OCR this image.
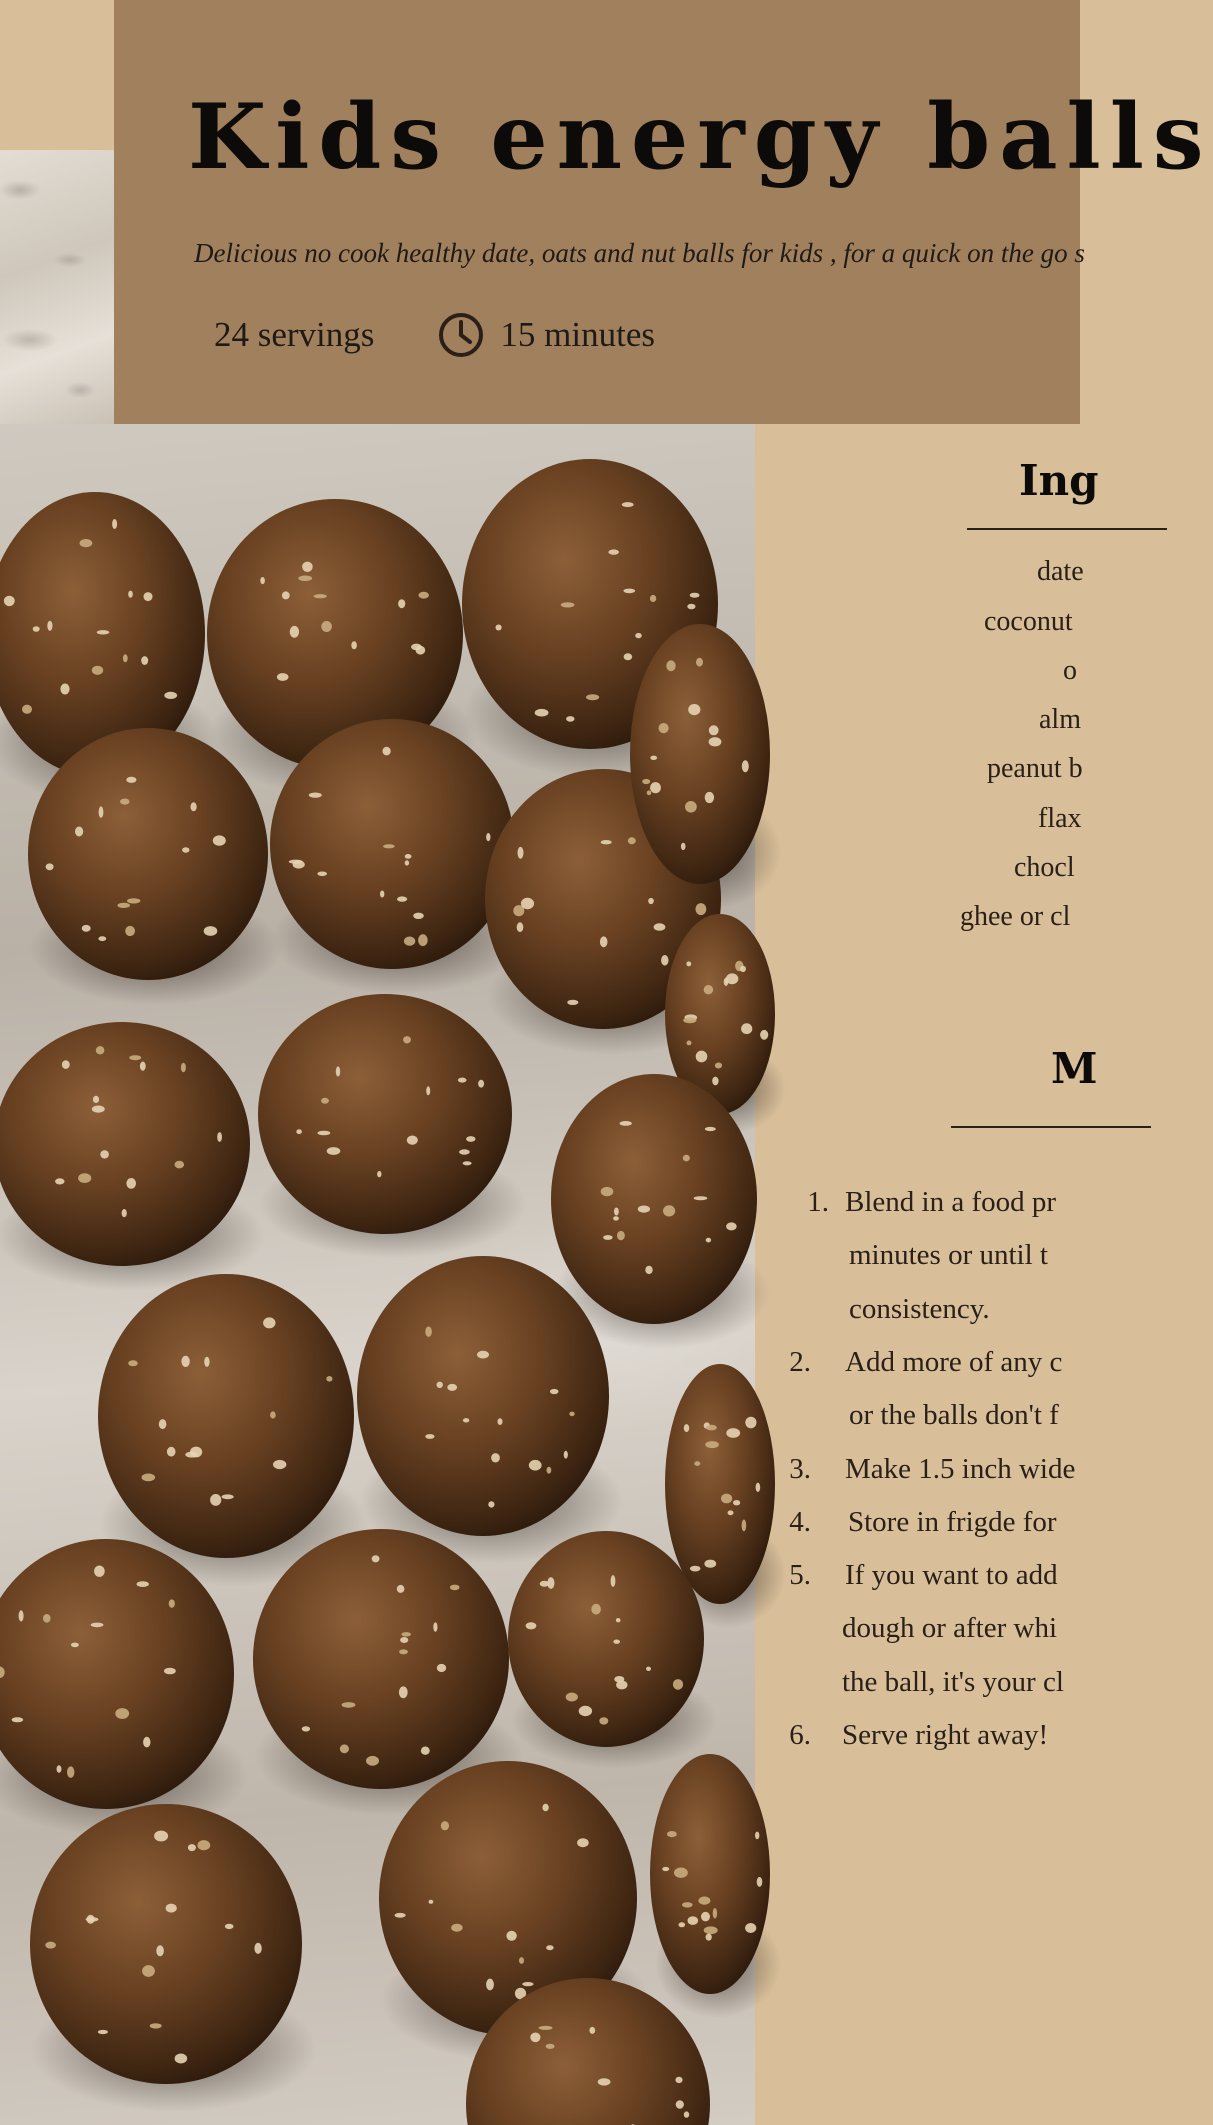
Kids energy balls

Delicious no cook healthy date, oats and nut balls for kids , for a quick on the go s

24 servings	15 minutes
Ing
date
coconut
o
alm
peanut b
flax
chocl
ghee or cl
M
1. Blend in a food pr
minutes or until t
consistency.
2. Add more of any c
or the balls don't f
3. Make 1.5 inch wide
4. Store in frigde for
5. If you want to add
dough or after whi
the ball, it's your cl
6. Serve right away!
